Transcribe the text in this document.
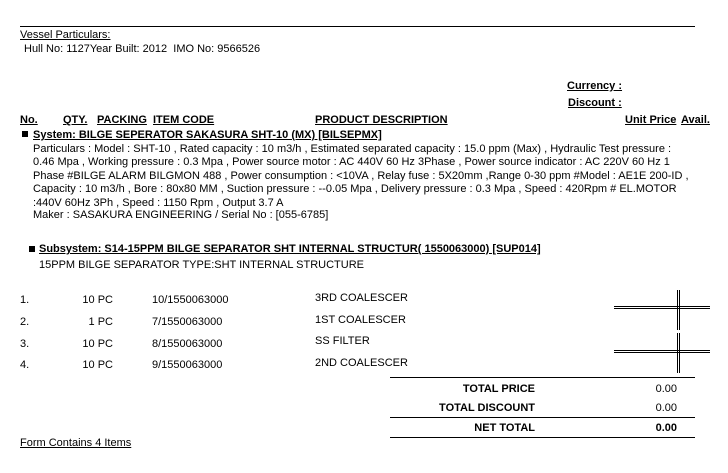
Vessel Particulars:
Hull No: 1127Year Built: 2012 IMO No: 9566526
Currency :
Discount :
No. QTY. PACKING ITEM CODE	PRODUCT DESCRIPTION	Unit Price Avail.
System: BILGE SEPERATOR SAKASURA SHT-10 (MX) [BILSEPMX]
Particulars : Model : SHT-10 , Rated capacity : 10 m3/h , Estimated separated capacity : 15.0 ppm (Max) , Hydraulic Test pressure : 0.46 Mpa , Working pressure : 0.3 Mpa , Power source motor : AC 440V 60 Hz 3Phase , Power source indicator : AC 220V 60 Hz 1 Phase #BILGE ALARM BILGMON 488 , Power consumption : <10VA , Relay fuse : 5X20mm ,Range 0-30 ppm #Model : AE1E 200-ID , Capacity : 10 m3/h , Bore : 80x80 MM , Suction pressure : --0.05 Mpa , Delivery pressure : 0.3 Mpa , Speed : 420Rpm # EL.MOTOR :440V 60Hz 3Ph , Speed : 1150 Rpm , Output 3.7 A
Maker : SASAKURA ENGINEERING / Serial No : [055-6785]
Subsystem: S14-15PPM BILGE SEPARATOR SHT INTERNAL STRUCTUR( 1550063000) [SUP014]
15PPM BILGE SEPARATOR TYPE:SHT INTERNAL STRUCTURE
1.	10 PC	10/1550063000	3RD COALESCER
2.	1 PC	7/1550063000	1ST COALESCER
3.	10 PC	8/1550063000	SS FILTER
4.	10 PC	9/1550063000	2ND COALESCER
TOTAL PRICE	0.00
TOTAL DISCOUNT	0.00
NET TOTAL	0.00
Form Contains 4 Items
